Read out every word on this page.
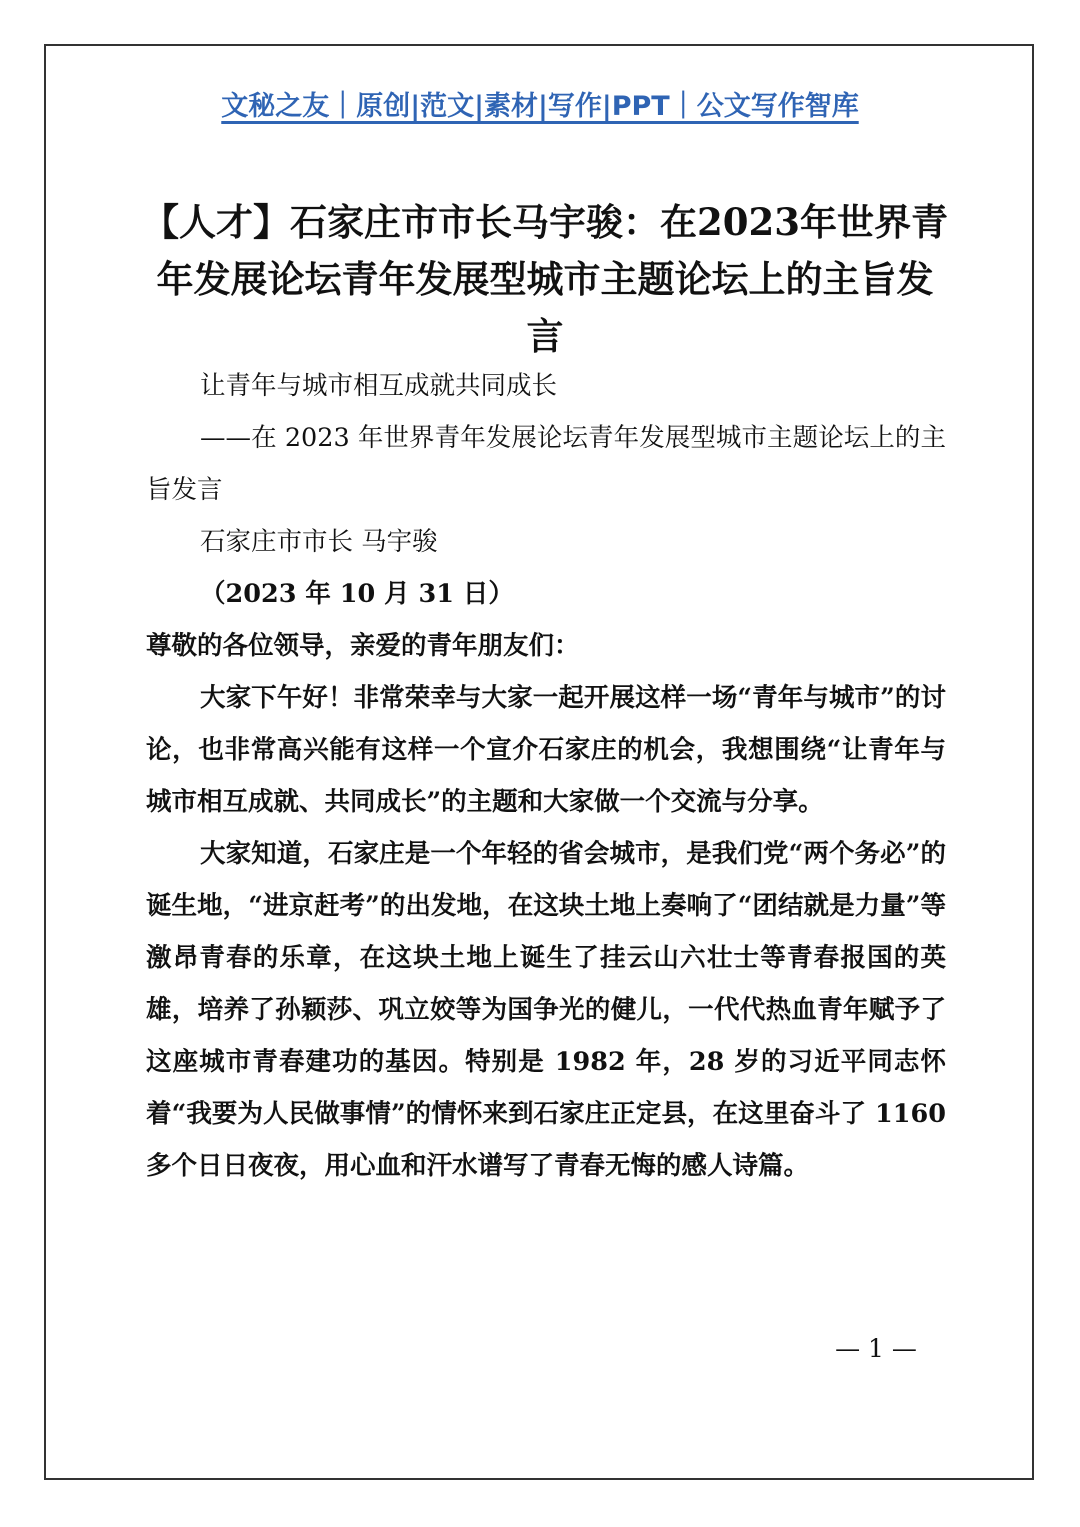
文秘之友｜原创|范文|素材|写作|PPT｜公文写作智库
【人才】石家庄市市长马宇骏：在2023年世界青年发展论坛青年发展型城市主题论坛上的主旨发言

让青年与城市相互成就共同成长

——在 2023 年世界青年发展论坛青年发展型城市主题论坛上的主旨发言

石家庄市市长 马宇骏

（2023 年 10 月 31 日）

尊敬的各位领导，亲爱的青年朋友们：

大家下午好！非常荣幸与大家一起开展这样一场“青年与城市”的讨论，也非常高兴能有这样一个宣介石家庄的机会，我想围绕“让青年与城市相互成就、共同成长”的主题和大家做一个交流与分享。

大家知道，石家庄是一个年轻的省会城市，是我们党“两个务必”的诞生地，“进京赶考”的出发地，在这块土地上奏响了“团结就是力量”等激昂青春的乐章，在这块土地上诞生了挂云山六壮士等青春报国的英雄，培养了孙颖莎、巩立姣等为国争光的健儿，一代代热血青年赋予了这座城市青春建功的基因。特别是 1982 年，28 岁的习近平同志怀着“我要为人民做事情”的情怀来到石家庄正定县，在这里奋斗了 1160 多个日日夜夜，用心血和汗水谱写了青春无悔的感人诗篇。

— 1 —
